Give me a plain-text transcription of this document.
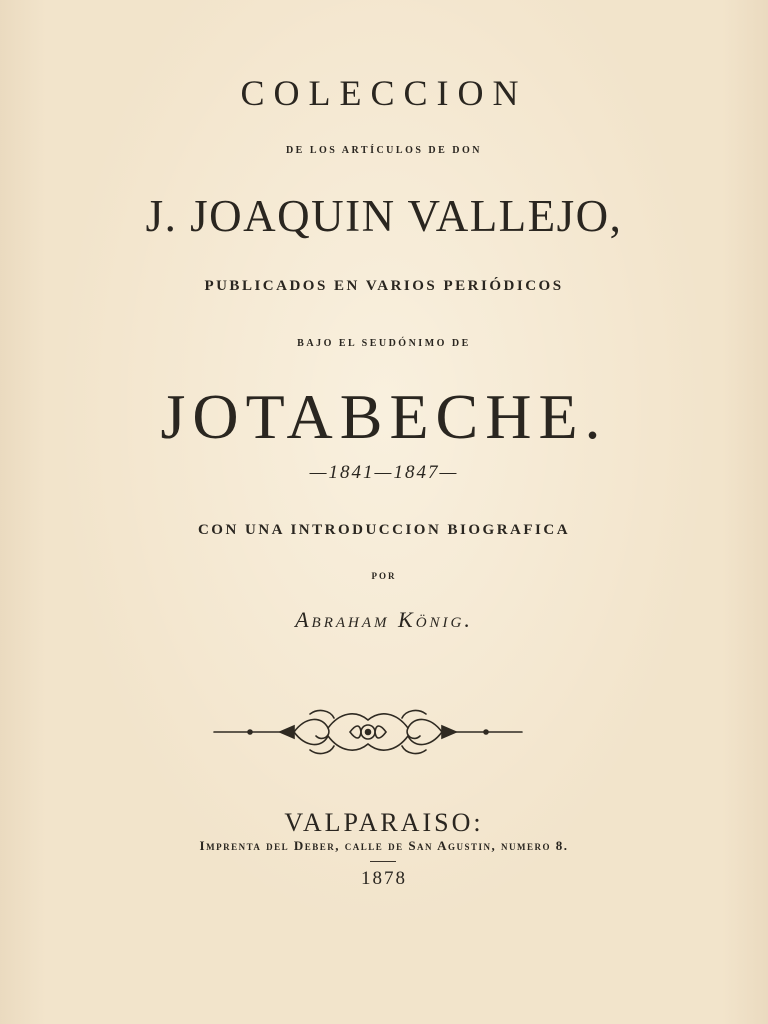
COLECCION
DE LOS ARTÍCULOS DE DON
J. JOAQUIN VALLEJO,
PUBLICADOS EN VARIOS PERIÓDICOS
BAJO EL SEUDÓNIMO DE
JOTABECHE.
—1841—1847—
CON UNA INTRODUCCION BIOGRAFICA
POR
Abraham König.
VALPARAISO:
Imprenta del Deber, calle de San Agustin, numero 8.
1878
